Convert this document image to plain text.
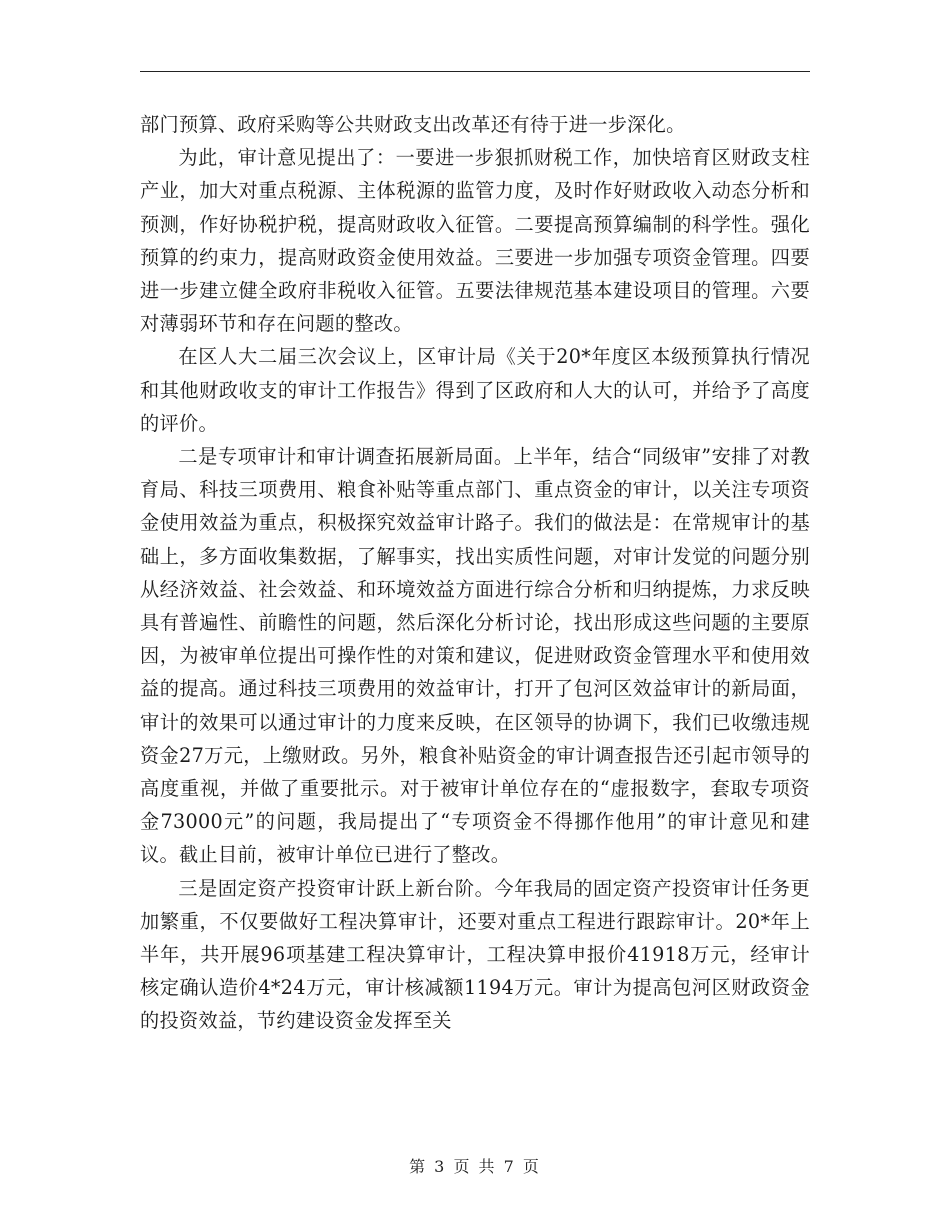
部门预算、政府采购等公共财政支出改革还有待于进一步深化。

为此，审计意见提出了：一要进一步狠抓财税工作，加快培育区财政支柱产业，加大对重点税源、主体税源的监管力度，及时作好财政收入动态分析和预测，作好协税护税，提高财政收入征管。二要提高预算编制的科学性。强化预算的约束力，提高财政资金使用效益。三要进一步加强专项资金管理。四要进一步建立健全政府非税收入征管。五要法律规范基本建设项目的管理。六要对薄弱环节和存在问题的整改。

在区人大二届三次会议上，区审计局《关于20*年度区本级预算执行情况和其他财政收支的审计工作报告》得到了区政府和人大的认可，并给予了高度的评价。

二是专项审计和审计调查拓展新局面。上半年，结合“同级审”安排了对教育局、科技三项费用、粮食补贴等重点部门、重点资金的审计，以关注专项资金使用效益为重点，积极探究效益审计路子。我们的做法是：在常规审计的基础上，多方面收集数据，了解事实，找出实质性问题，对审计发觉的问题分别从经济效益、社会效益、和环境效益方面进行综合分析和归纳提炼，力求反映具有普遍性、前瞻性的问题，然后深化分析讨论，找出形成这些问题的主要原因，为被审单位提出可操作性的对策和建议，促进财政资金管理水平和使用效益的提高。通过科技三项费用的效益审计，打开了包河区效益审计的新局面，审计的效果可以通过审计的力度来反映，在区领导的协调下，我们已收缴违规资金27万元，上缴财政。另外，粮食补贴资金的审计调查报告还引起市领导的高度重视，并做了重要批示。对于被审计单位存在的“虚报数字，套取专项资金73000元”的问题，我局提出了“专项资金不得挪作他用”的审计意见和建议。截止目前，被审计单位已进行了整改。

三是固定资产投资审计跃上新台阶。今年我局的固定资产投资审计任务更加繁重，不仅要做好工程决算审计，还要对重点工程进行跟踪审计。20*年上半年，共开展96项基建工程决算审计，工程决算申报价41918万元，经审计核定确认造价4*24万元，审计核减额1194万元。审计为提高包河区财政资金的投资效益，节约建设资金发挥至关

第 3 页 共 7 页
